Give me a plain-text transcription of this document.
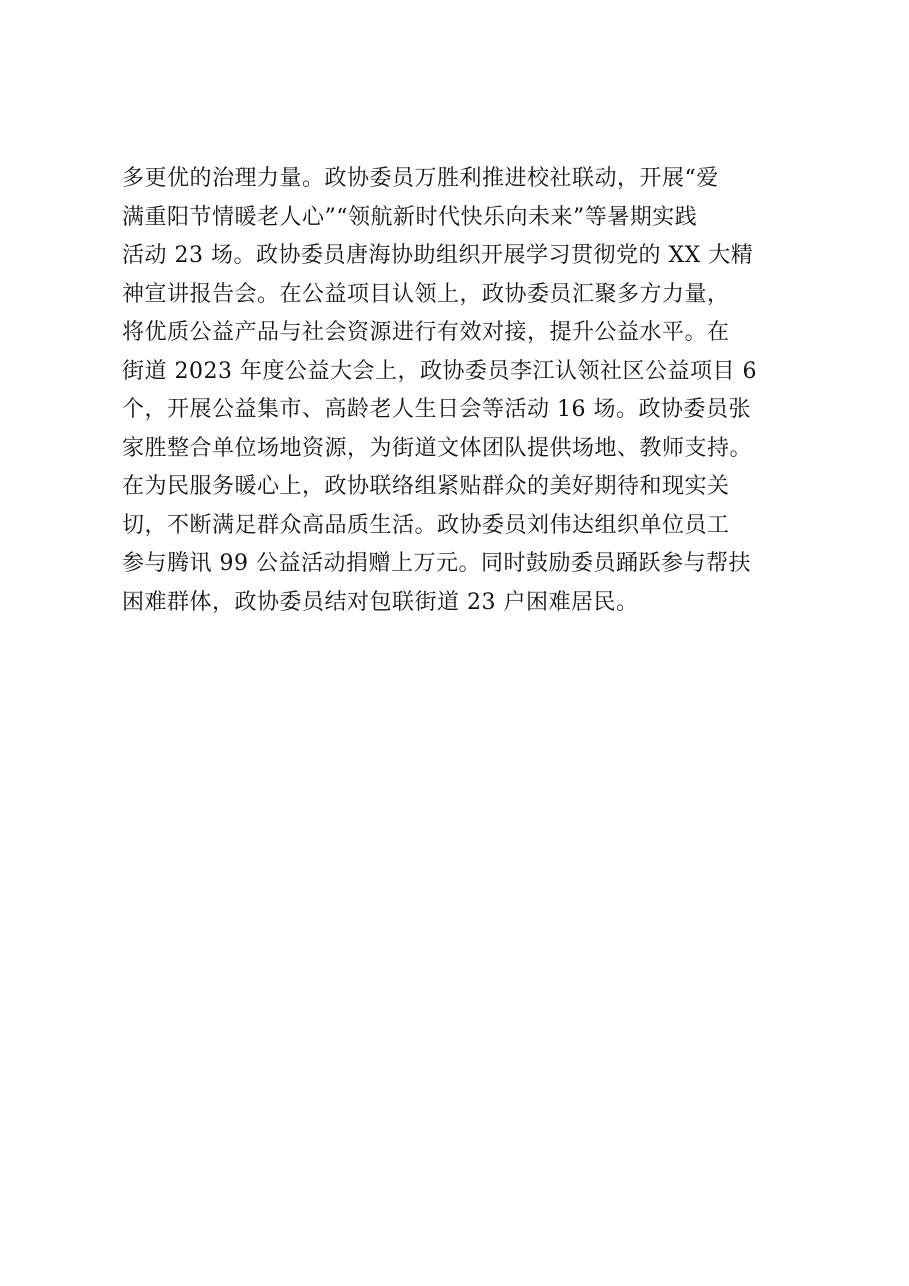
多更优的治理力量。政协委员万胜利推进校社联动，开展“爱
满重阳节情暖老人心”“领航新时代快乐向未来”等暑期实践
活动 23 场。政协委员唐海协助组织开展学习贯彻党的 XX 大精
神宣讲报告会。在公益项目认领上，政协委员汇聚多方力量，
将优质公益产品与社会资源进行有效对接，提升公益水平。在
街道 2023 年度公益大会上，政协委员李江认领社区公益项目 6
个，开展公益集市、高龄老人生日会等活动 16 场。政协委员张
家胜整合单位场地资源，为街道文体团队提供场地、教师支持。
在为民服务暖心上，政协联络组紧贴群众的美好期待和现实关
切，不断满足群众高品质生活。政协委员刘伟达组织单位员工
参与腾讯 99 公益活动捐赠上万元。同时鼓励委员踊跃参与帮扶
困难群体，政协委员结对包联街道 23 户困难居民。
